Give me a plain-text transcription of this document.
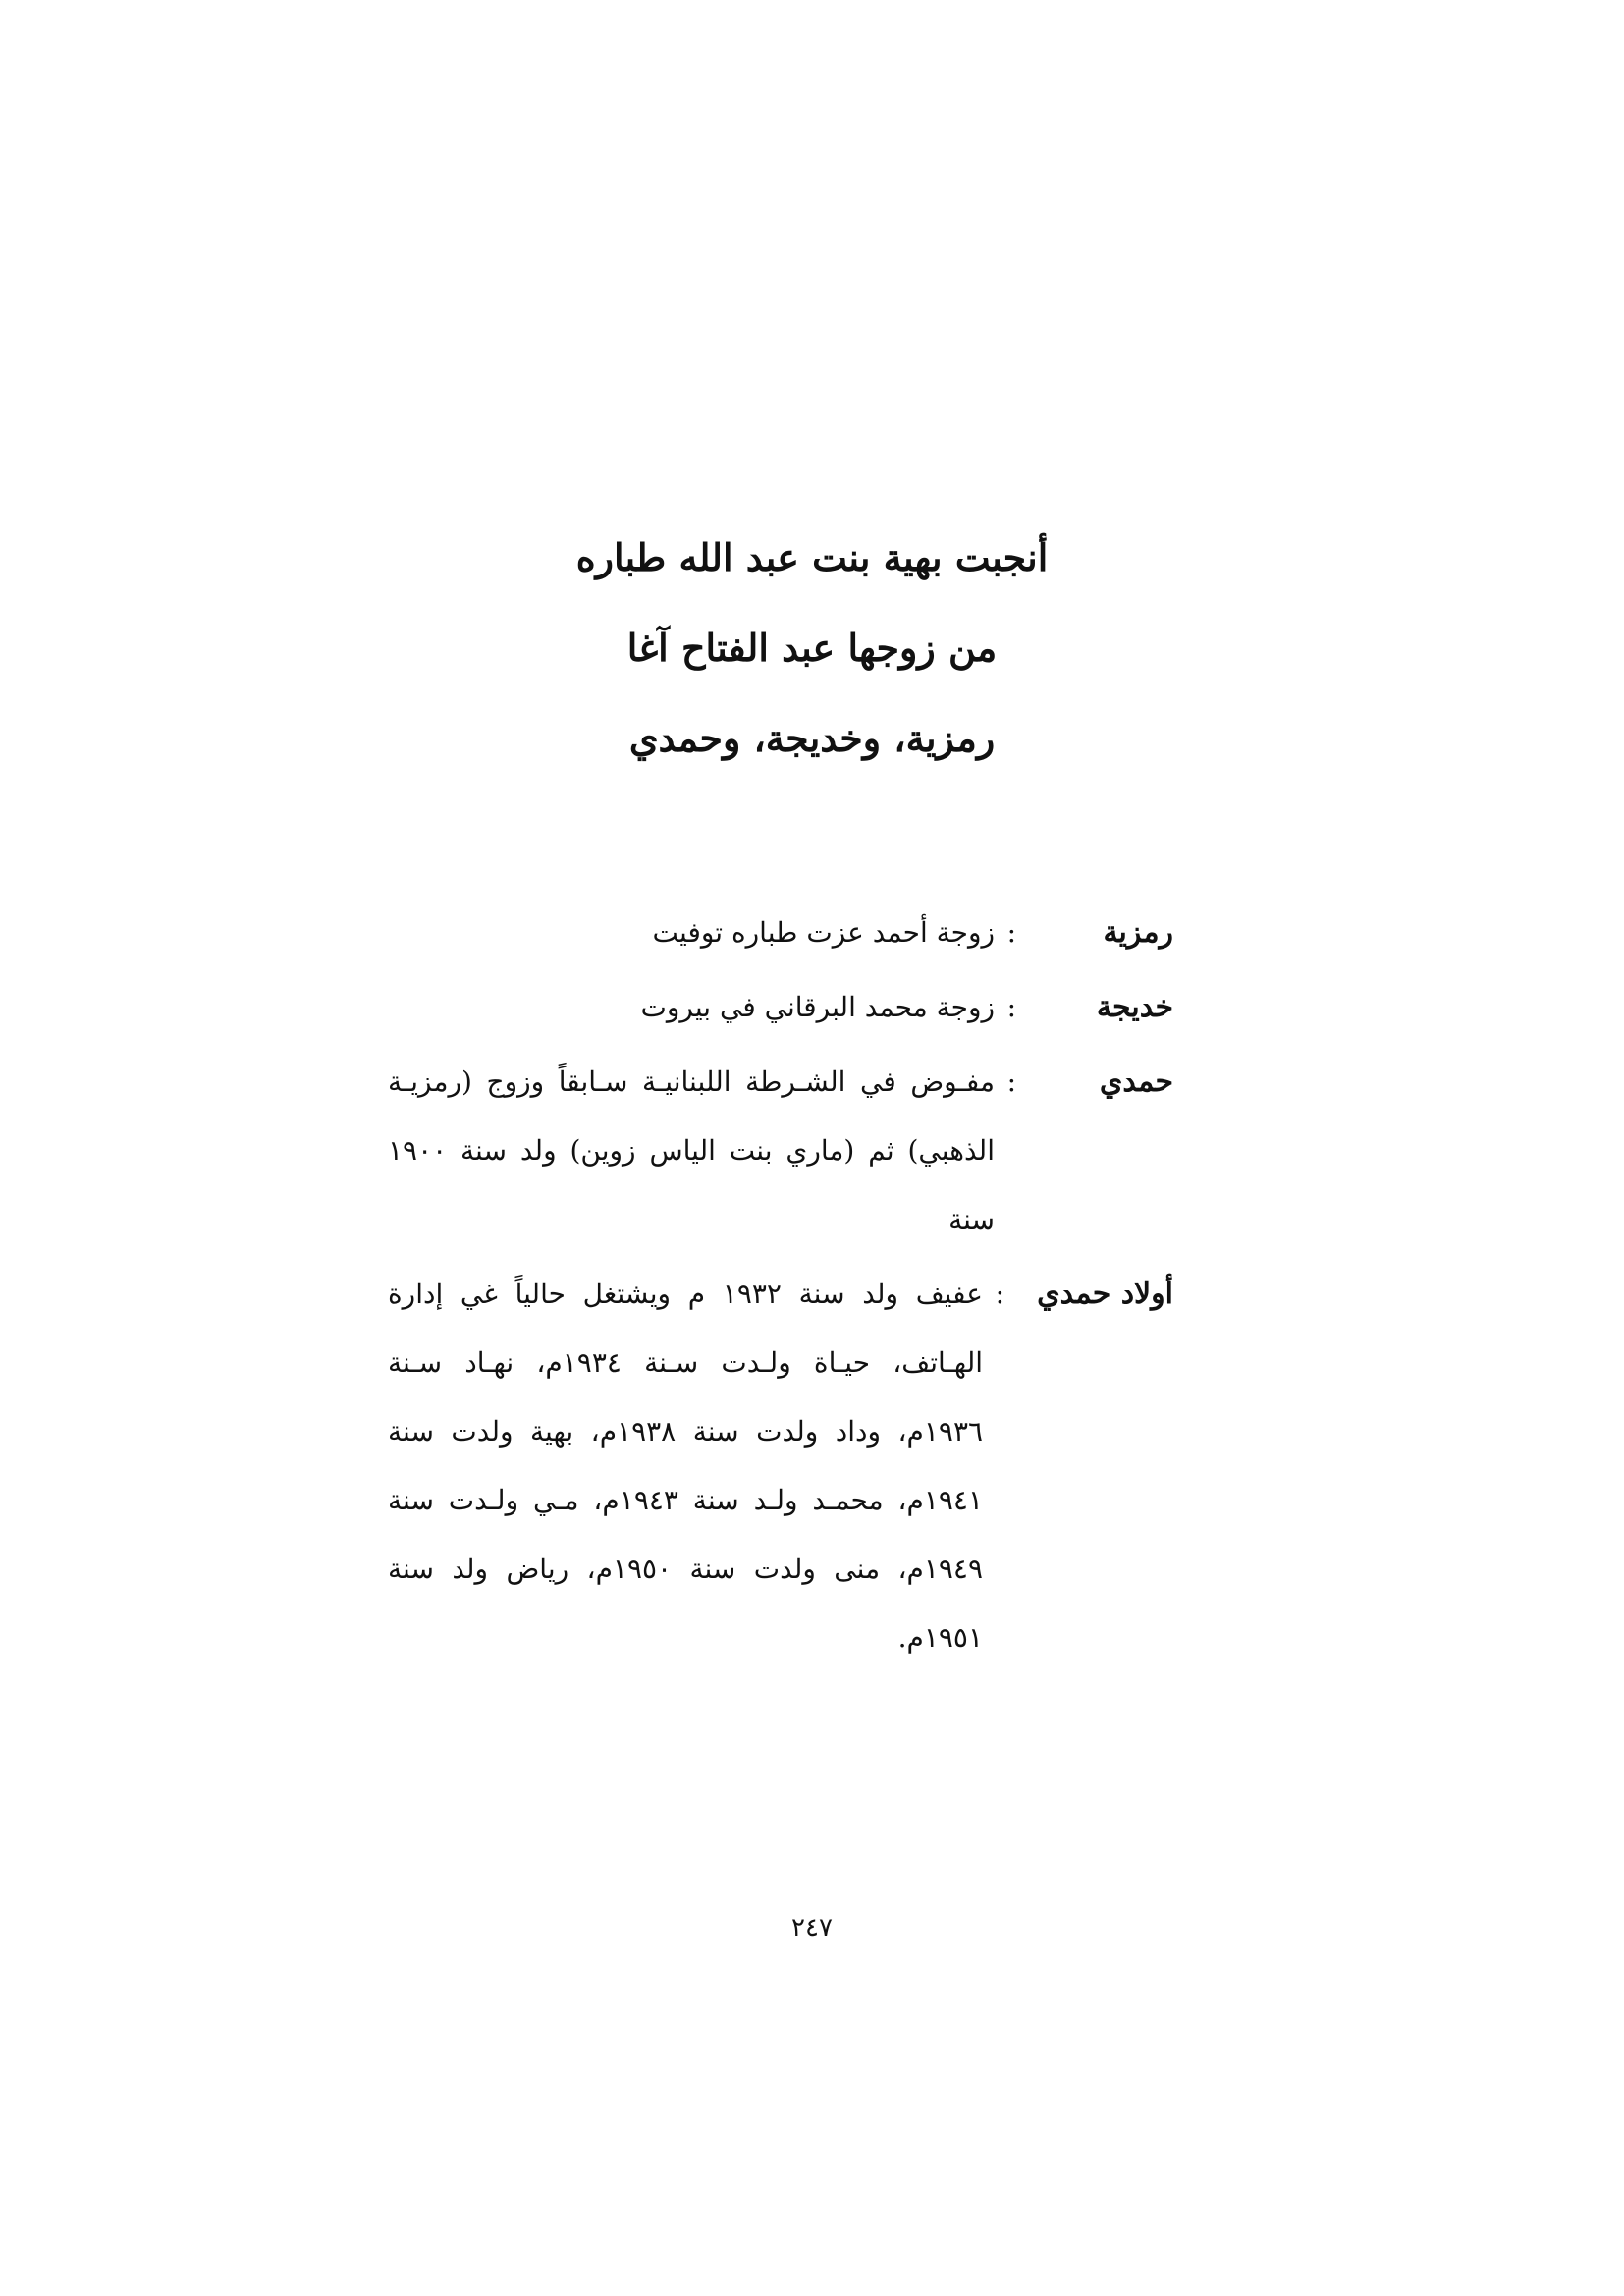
أنجبت بهية بنت عبد الله طباره
من زوجها عبد الفتاح آغا
رمزية، وخديجة، وحمدي
رمزية
:
زوجة أحمد عزت طباره توفيت
خديجة
:
زوجة محمد البرقاني في بيروت
حمدي
:
مفـوض في الشـرطة اللبنانيـة سـابقاً وزوج (رمزيـة الذهبي) ثم (ماري بنت الياس زوين) ولد سنة ١٩٠٠ سنة
أولاد حمدي
:
عفيف ولد سنة ١٩٣٢ م ويشتغل حالياً غي إدارة الهـاتف، حيـاة ولـدت سـنة ١٩٣٤م، نهـاد سـنة ١٩٣٦م، وداد ولدت سنة ١٩٣٨م، بهية ولدت سنة ١٩٤١م، محمـد ولـد سنة ١٩٤٣م، مـي ولـدت سنة ١٩٤٩م، منى ولدت سنة ١٩٥٠م، رياض ولد سنة ١٩٥١م.
٢٤٧
